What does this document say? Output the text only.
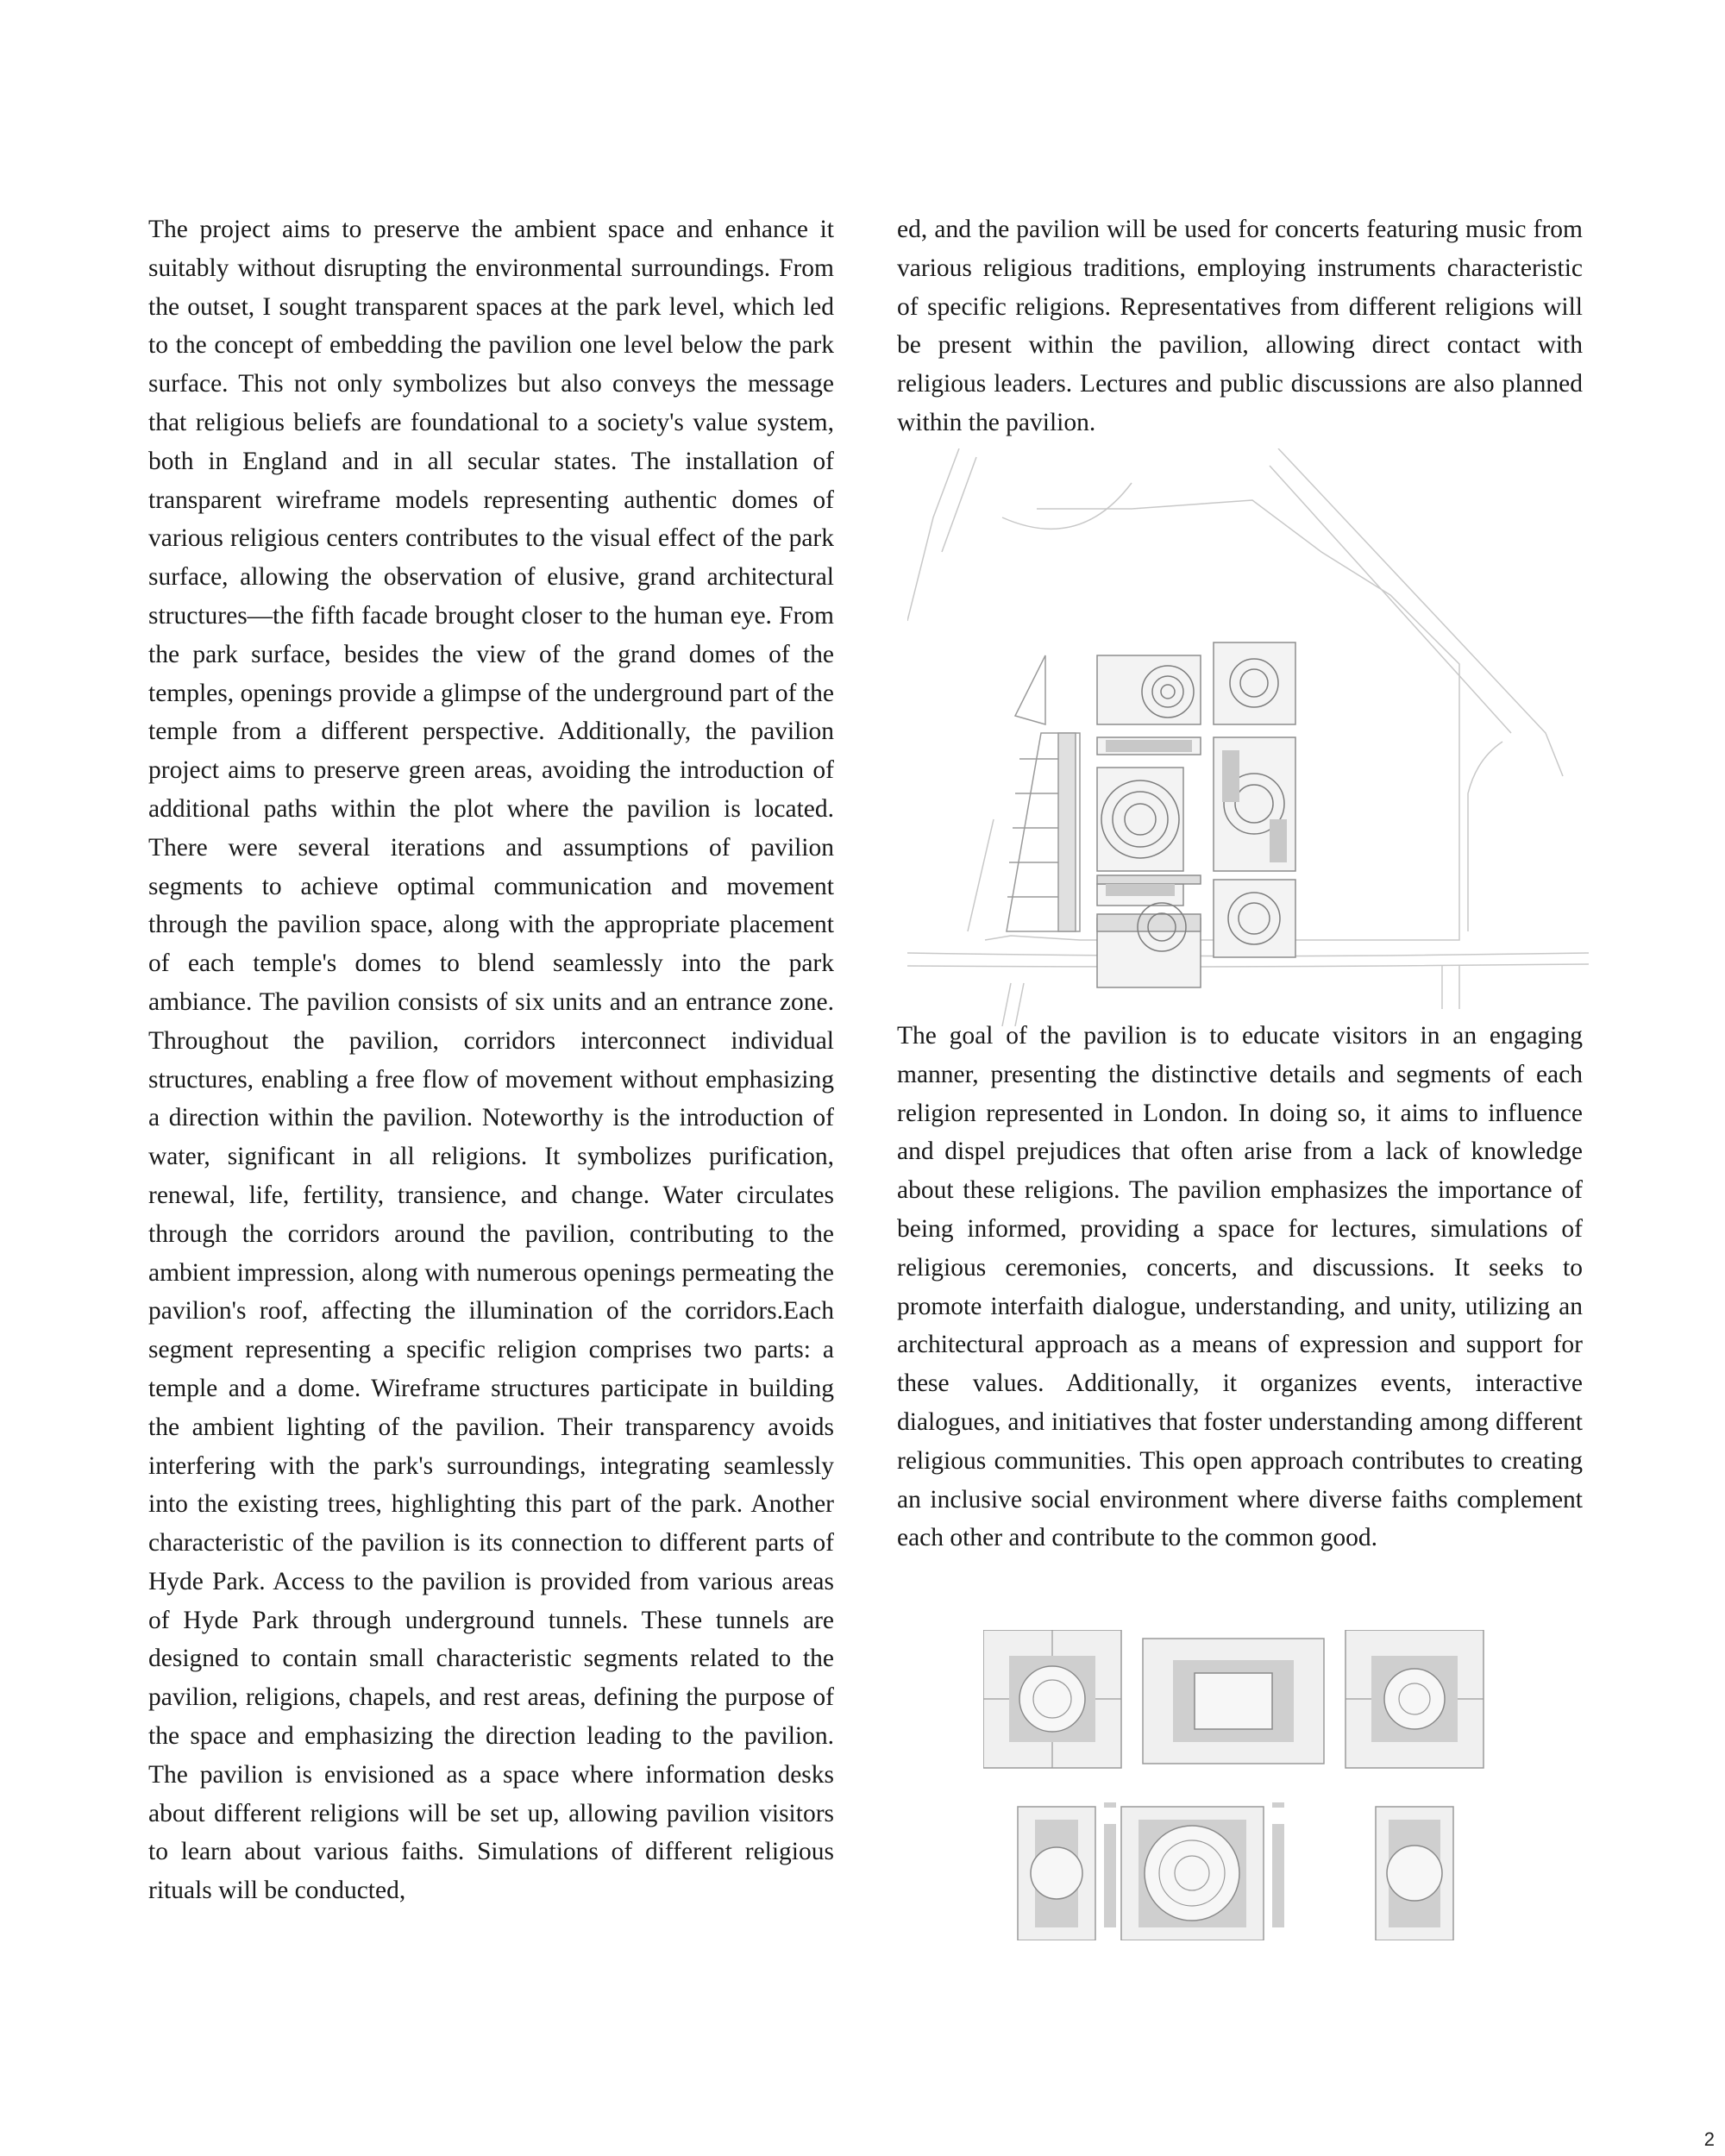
The project aims to preserve the ambient space and enhance it suitably without disrupting the environmental surroundings. From the outset, I sought transparent spaces at the park level, which led to the concept of embedding the pavilion one level below the park surface. This not only symbolizes but also conveys the message that religious beliefs are foundational to a society's value system, both in England and in all secular states. The installation of transparent wireframe models representing authentic domes of various religious centers contributes to the visual effect of the park surface, allowing the observation of elusive, grand architectural structures—the fifth facade brought closer to the human eye. From the park surface, besides the view of the grand domes of the temples, openings provide a glimpse of the underground part of the temple from a different perspective. Additionally, the pavilion project aims to preserve green areas, avoiding the introduction of additional paths within the plot where the pavilion is located. There were several iterations and assumptions of pavilion segments to achieve optimal communication and movement through the pavilion space, along with the appropriate placement of each temple's domes to blend seamlessly into the park ambiance. The pavilion consists of six units and an entrance zone. Throughout the pavilion, corridors interconnect individual structures, enabling a free flow of movement without emphasizing a direction within the pavilion. Noteworthy is the introduction of water, significant in all religions. It symbolizes purification, renewal, life, fertility, transience, and change. Water circulates through the corridors around the pavilion, contributing to the ambient impression, along with numerous openings permeating the pavilion's roof, affecting the illumination of the corridors.Each segment representing a specific religion comprises two parts: a temple and a dome. Wireframe structures participate in building the ambient lighting of the pavilion. Their transparency avoids interfering with the park's surroundings, integrating seamlessly into the existing trees, highlighting this part of the park. Another characteristic of the pavilion is its connection to different parts of Hyde Park. Access to the pavilion is provided from various areas of Hyde Park through underground tunnels. These tunnels are designed to contain small characteristic segments related to the pavilion, religions, chapels, and rest areas, defining the purpose of the space and emphasizing the direction leading to the pavilion. The pavilion is envisioned as a space where information desks about different religions will be set up, allowing pavilion visitors to learn about various faiths. Simulations of different religious rituals will be conducted,

ed, and the pavilion will be used for concerts featuring music from various religious traditions, employing instruments characteristic of specific religions. Representatives from different religions will be present within the pavilion, allowing direct contact with religious leaders. Lectures and public discussions are also planned within the pavilion.

The goal of the pavilion is to educate visitors in an engaging manner, presenting the distinctive details and segments of each religion represented in London. In doing so, it aims to influence and dispel prejudices that often arise from a lack of knowledge about these religions. The pavilion emphasizes the importance of being informed, providing a space for lectures, simulations of religious ceremonies, concerts, and discussions. It seeks to promote interfaith dialogue, understanding, and unity, utilizing an architectural approach as a means of expression and support for these values. Additionally, it organizes events, interactive dialogues, and initiatives that foster understanding among different religious communities. This open approach contributes to creating an inclusive social environment where diverse faiths complement each other and contribute to the common good.

2
